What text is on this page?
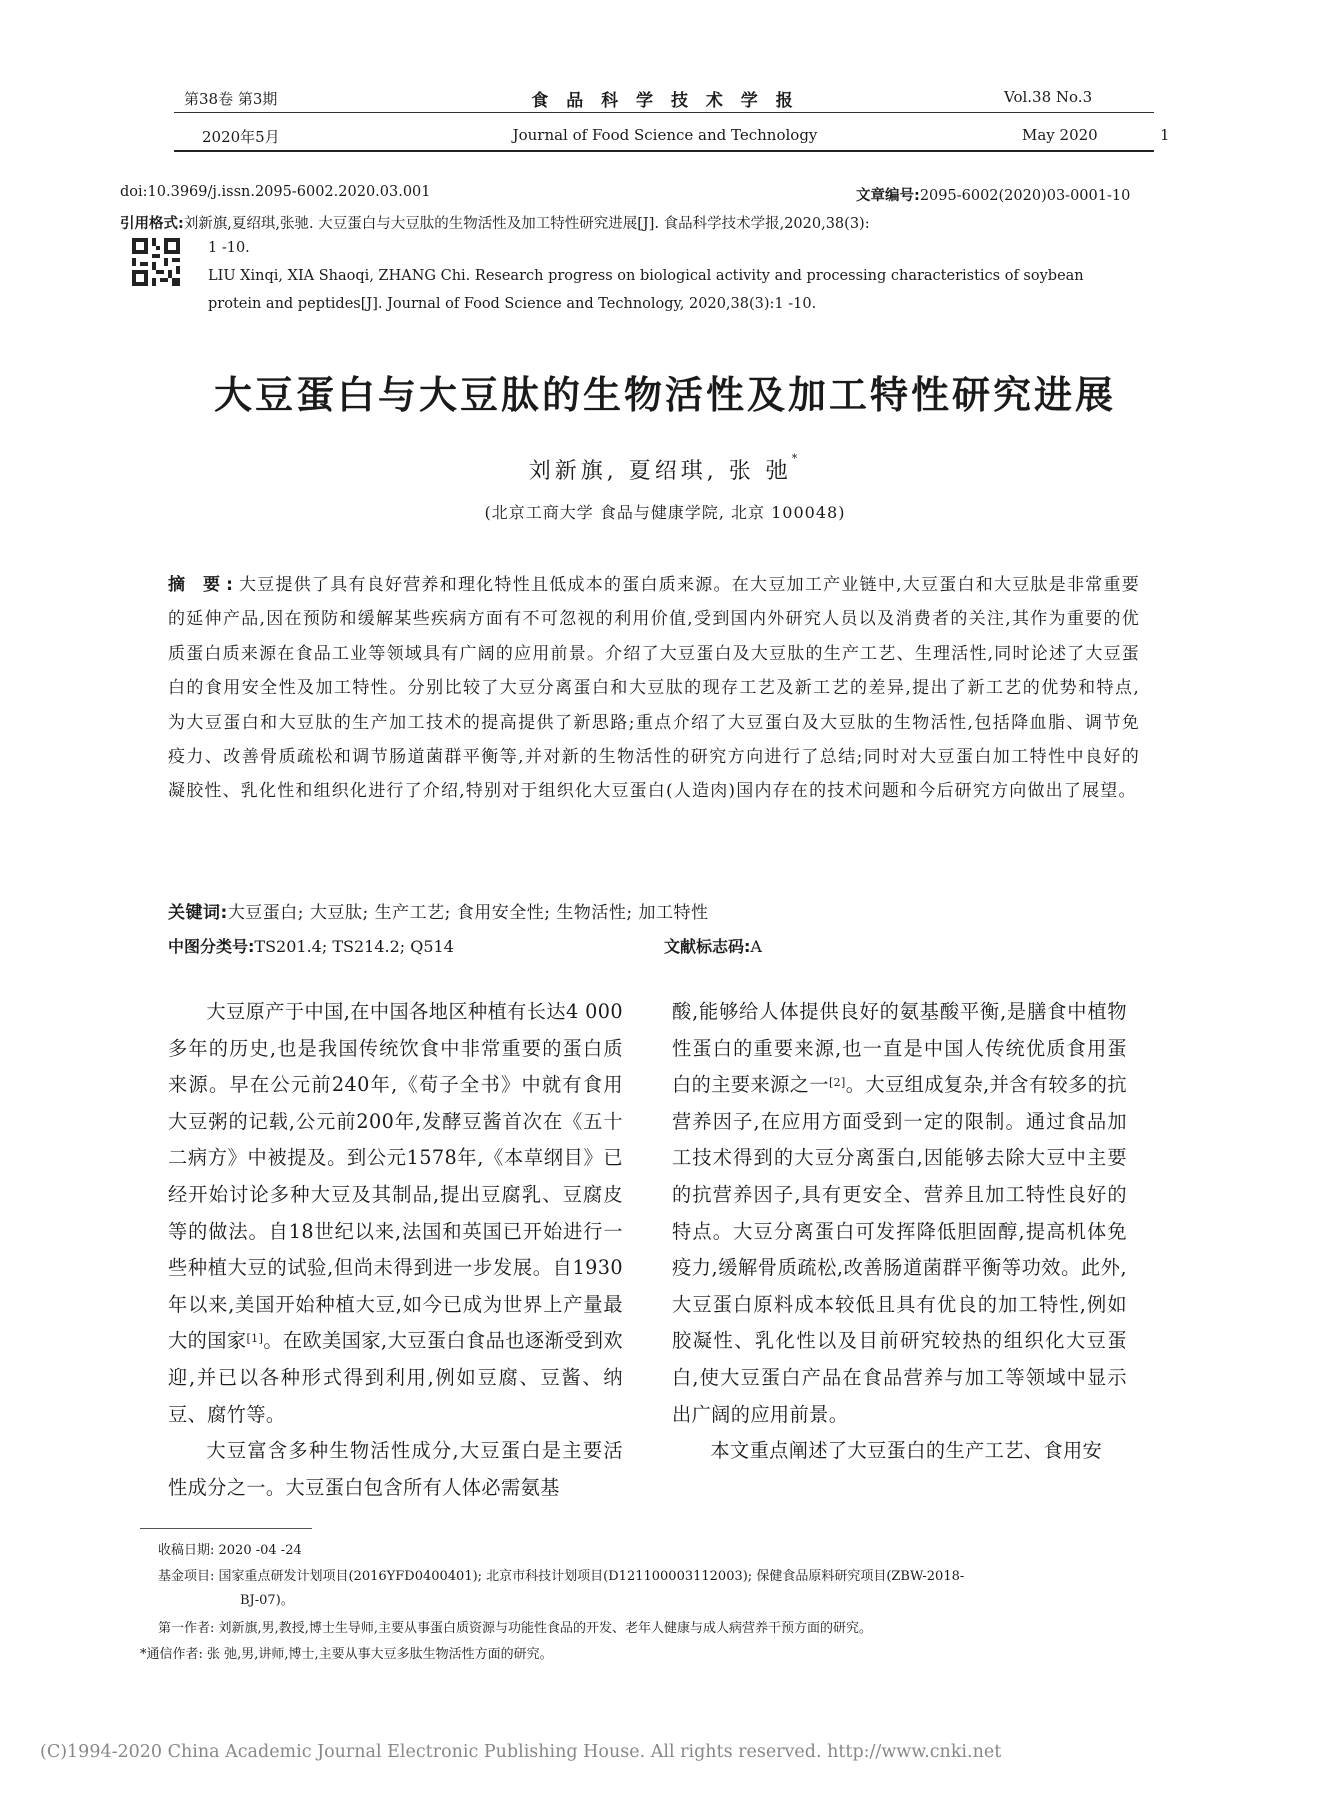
第38卷 第3期	食 品 科 学 技 术 学 报	Vol.38 No.3
2020年5月	Journal of Food Science and Technology	May 2020	1
doi:10.3969/j.issn.2095-6002.2020.03.001	文章编号:2095-6002(2020)03-0001-10
引用格式:刘新旗,夏绍琪,张驰. 大豆蛋白与大豆肽的生物活性及加工特性研究进展[J]. 食品科学技术学报,2020,38(3):
1 -10.
LIU Xinqi, XIA Shaoqi, ZHANG Chi. Research progress on biological activity and processing characteristics of soybean
protein and peptides[J]. Journal of Food Science and Technology, 2020,38(3):1 -10.
大豆蛋白与大豆肽的生物活性及加工特性研究进展
刘新旗, 夏绍琪, 张 弛*
(北京工商大学 食品与健康学院, 北京 100048)
摘 要:大豆提供了具有良好营养和理化特性且低成本的蛋白质来源。在大豆加工产业链中,大豆蛋白和大豆肽是非常重要的延伸产品,因在预防和缓解某些疾病方面有不可忽视的利用价值,受到国内外研究人员以及消费者的关注,其作为重要的优质蛋白质来源在食品工业等领域具有广阔的应用前景。介绍了大豆蛋白及大豆肽的生产工艺、生理活性,同时论述了大豆蛋白的食用安全性及加工特性。分别比较了大豆分离蛋白和大豆肽的现存工艺及新工艺的差异,提出了新工艺的优势和特点,为大豆蛋白和大豆肽的生产加工技术的提高提供了新思路;重点介绍了大豆蛋白及大豆肽的生物活性,包括降血脂、调节免疫力、改善骨质疏松和调节肠道菌群平衡等,并对新的生物活性的研究方向进行了总结;同时对大豆蛋白加工特性中良好的凝胶性、乳化性和组织化进行了介绍,特别对于组织化大豆蛋白(人造肉)国内存在的技术问题和今后研究方向做出了展望。
关键词:大豆蛋白; 大豆肽; 生产工艺; 食用安全性; 生物活性; 加工特性
中图分类号:TS201.4; TS214.2; Q514	文献标志码:A

大豆原产于中国,在中国各地区种植有长达4 000 多年的历史,也是我国传统饮食中非常重要的蛋白质来源。早在公元前240年,《荀子全书》中就有食用大豆粥的记载,公元前200年,发酵豆酱首次在《五十二病方》中被提及。到公元1578年,《本草纲目》已经开始讨论多种大豆及其制品,提出豆腐乳、豆腐皮等的做法。自18世纪以来,法国和英国已开始进行一些种植大豆的试验,但尚未得到进一步发展。自1930年以来,美国开始种植大豆,如今已成为世界上产量最大的国家[1]。在欧美国家,大豆蛋白食品也逐渐受到欢迎,并已以各种形式得到利用,例如豆腐、豆酱、纳豆、腐竹等。

大豆富含多种生物活性成分,大豆蛋白是主要活性成分之一。大豆蛋白包含所有人体必需氨基

酸,能够给人体提供良好的氨基酸平衡,是膳食中植物性蛋白的重要来源,也一直是中国人传统优质食用蛋白的主要来源之一[2]。大豆组成复杂,并含有较多的抗营养因子,在应用方面受到一定的限制。通过食品加工技术得到的大豆分离蛋白,因能够去除大豆中主要的抗营养因子,具有更安全、营养且加工特性良好的特点。大豆分离蛋白可发挥降低胆固醇,提高机体免疫力,缓解骨质疏松,改善肠道菌群平衡等功效。此外,大豆蛋白原料成本较低且具有优良的加工特性,例如胶凝性、乳化性以及目前研究较热的组织化大豆蛋白,使大豆蛋白产品在食品营养与加工等领域中显示出广阔的应用前景。

本文重点阐述了大豆蛋白的生产工艺、食用安

收稿日期: 2020 -04 -24
基金项目: 国家重点研发计划项目(2016YFD0400401); 北京市科技计划项目(D121100003112003); 保健食品原料研究项目(ZBW-2018-
BJ-07)。
第一作者: 刘新旗,男,教授,博士生导师,主要从事蛋白质资源与功能性食品的开发、老年人健康与成人病营养干预方面的研究。
*通信作者: 张 弛,男,讲师,博士,主要从事大豆多肽生物活性方面的研究。
(C)1994-2020 China Academic Journal Electronic Publishing House. All rights reserved. http://www.cnki.net
